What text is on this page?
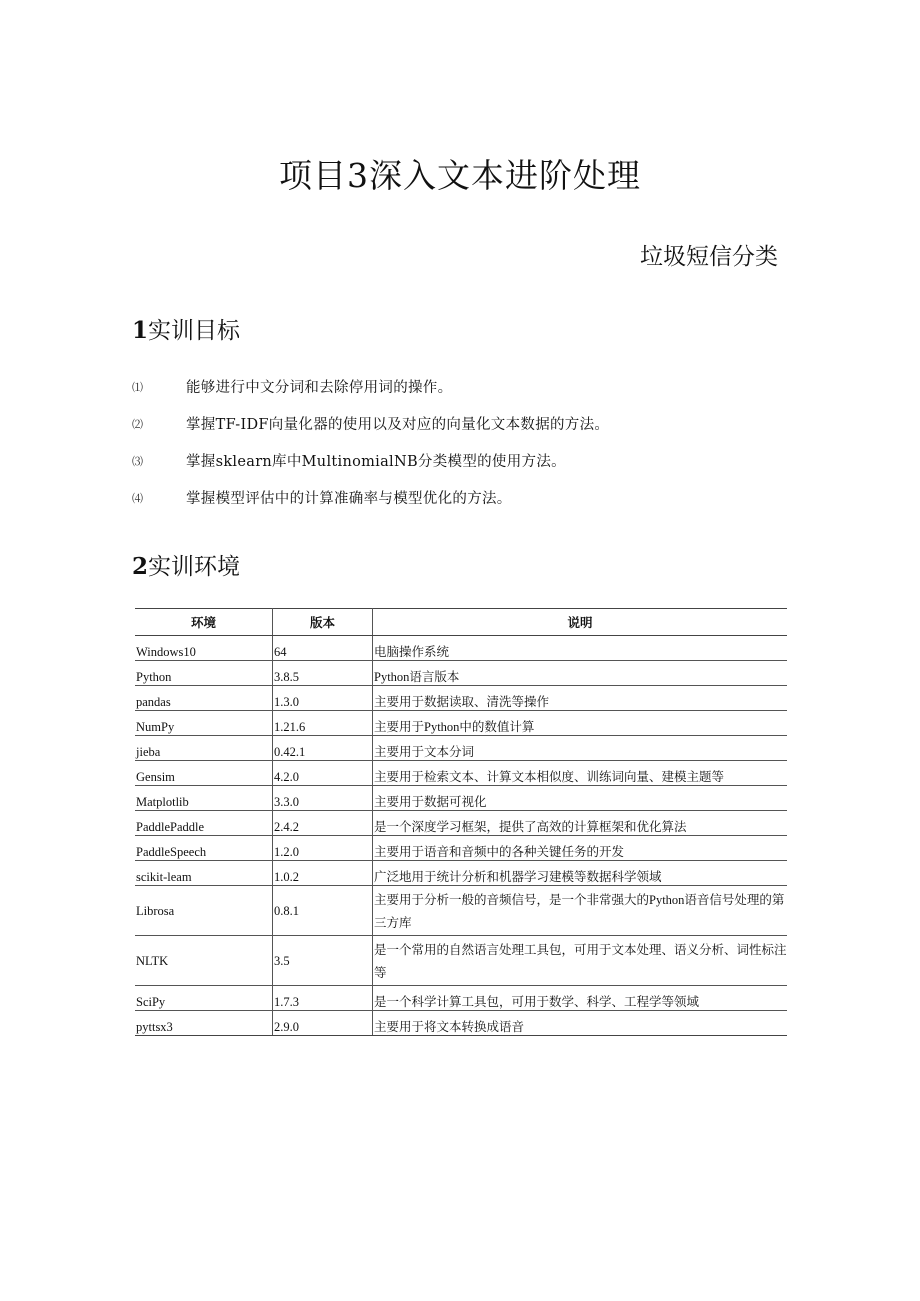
项目3深入文本进阶处理
垃圾短信分类
1实训目标
⑴	能够进行中文分词和去除停用词的操作。
⑵	掌握TF-IDF向量化器的使用以及对应的向量化文本数据的方法。
⑶	掌握sklearn库中MultinomialNB分类模型的使用方法。
⑷	掌握模型评估中的计算准确率与模型优化的方法。
2实训环境
环境	版本	说明
Windows10	64	电脑操作系统
Python	3.8.5	Python语言版本
pandas	1.3.0	主要用于数据读取、清洗等操作
NumPy	1.21.6	主要用于Python中的数值计算
jieba	0.42.1	主要用于文本分词
Gensim	4.2.0	主要用于检索文本、计算文本相似度、训练词向量、建模主题等
Matplotlib	3.3.0	主要用于数据可视化
PaddlePaddle	2.4.2	是一个深度学习框架，提供了高效的计算框架和优化算法
PaddleSpeech	1.2.0	主要用于语音和音频中的各种关键任务的开发
scikit-leam	1.0.2	广泛地用于统计分析和机器学习建模等数据科学领域
Librosa	0.8.1	主要用于分析一般的音频信号，是一个非常强大的Python语音信号处理的第三方库
NLTK	3.5	是一个常用的自然语言处理工具包，可用于文本处理、语义分析、词性标注等
SciPy	1.7.3	是一个科学计算工具包，可用于数学、科学、工程学等领域
pyttsx3	2.9.0	主要用于将文本转换成语音
